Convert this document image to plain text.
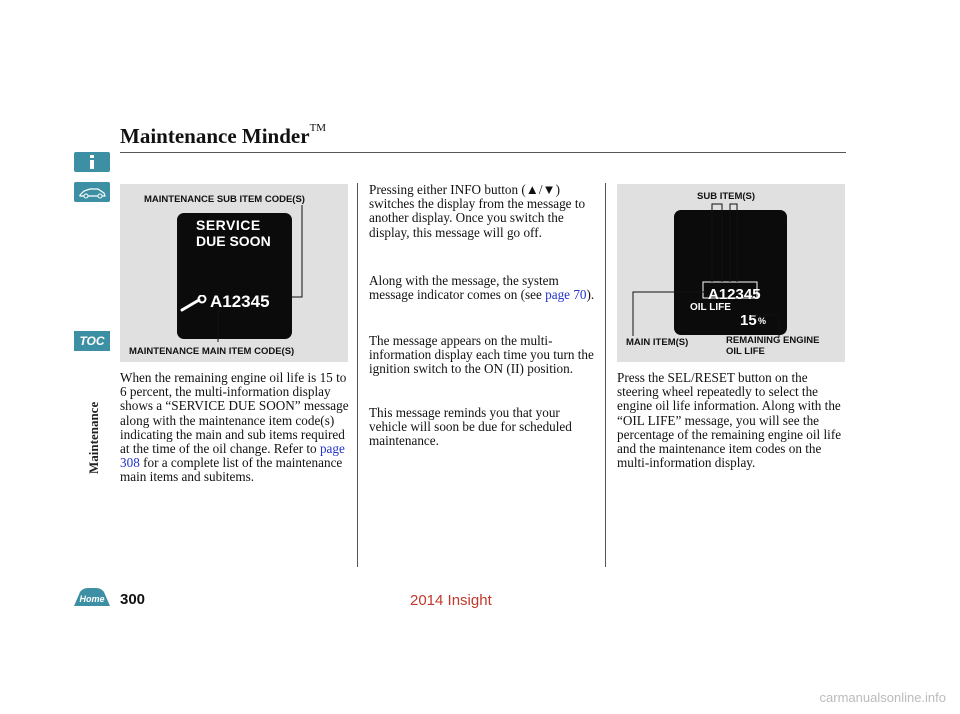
TOC
Maintenance
Home
Maintenance Minder™
MAINTENANCE SUB ITEM CODE(S)
SERVICE
DUE SOON
A12345
MAINTENANCE MAIN ITEM CODE(S)
SUB ITEM(S)
A12345
OIL LIFE
15 %
MAIN ITEM(S)	REMAINING ENGINE
OIL LIFE
When the remaining engine oil life is 15 to 6 percent, the multi-information display shows a “SERVICE DUE SOON” message along with the maintenance item code(s) indicating the main and sub items required at the time of the oil change. Refer to page 308 for a complete list of the maintenance main items and subitems.
Pressing either INFO button (▲/▼) switches the display from the message to another display. Once you switch the display, this message will go off.
Along with the message, the system message indicator comes on (see page 70).
The message appears on the multi-information display each time you turn the ignition switch to the ON (II) position.
This message reminds you that your vehicle will soon be due for scheduled maintenance.
Press the SEL/RESET button on the steering wheel repeatedly to select the engine oil life information. Along with the “OIL LIFE” message, you will see the percentage of the remaining engine oil life and the maintenance item codes on the multi-information display.
300	2014 Insight
carmanualsonline.info
